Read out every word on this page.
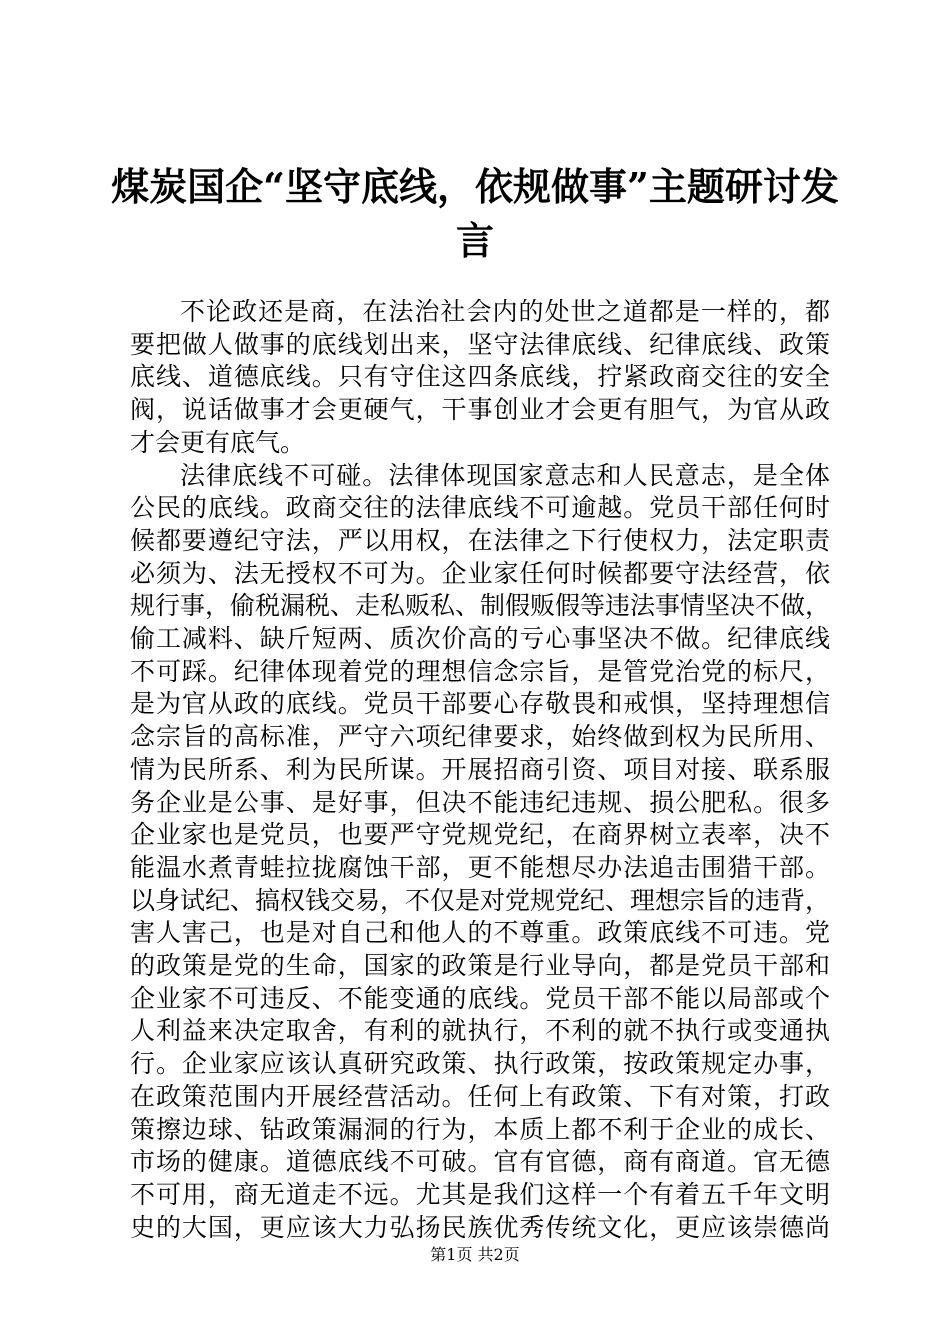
煤炭国企“坚守底线，依规做事”主题研讨发
言

不论政还是商，在法治社会内的处世之道都是一样的，都
要把做人做事的底线划出来，坚守法律底线、纪律底线、政策
底线、道德底线。只有守住这四条底线，拧紧政商交往的安全
阀，说话做事才会更硬气，干事创业才会更有胆气，为官从政
才会更有底气。

法律底线不可碰。法律体现国家意志和人民意志，是全体
公民的底线。政商交往的法律底线不可逾越。党员干部任何时
候都要遵纪守法，严以用权，在法律之下行使权力，法定职责
必须为、法无授权不可为。企业家任何时候都要守法经营，依
规行事，偷税漏税、走私贩私、制假贩假等违法事情坚决不做，
偷工减料、缺斤短两、质次价高的亏心事坚决不做。纪律底线
不可踩。纪律体现着党的理想信念宗旨，是管党治党的标尺，
是为官从政的底线。党员干部要心存敬畏和戒惧，坚持理想信
念宗旨的高标准，严守六项纪律要求，始终做到权为民所用、
情为民所系、利为民所谋。开展招商引资、项目对接、联系服
务企业是公事、是好事，但决不能违纪违规、损公肥私。很多
企业家也是党员，也要严守党规党纪，在商界树立表率，决不
能温水煮青蛙拉拢腐蚀干部，更不能想尽办法追击围猎干部。
以身试纪、搞权钱交易，不仅是对党规党纪、理想宗旨的违背，
害人害己，也是对自己和他人的不尊重。政策底线不可违。党
的政策是党的生命，国家的政策是行业导向，都是党员干部和
企业家不可违反、不能变通的底线。党员干部不能以局部或个
人利益来决定取舍，有利的就执行，不利的就不执行或变通执
行。企业家应该认真研究政策、执行政策，按政策规定办事，
在政策范围内开展经营活动。任何上有政策、下有对策，打政
策擦边球、钻政策漏洞的行为，本质上都不利于企业的成长、
市场的健康。道德底线不可破。官有官德，商有商道。官无德
不可用，商无道走不远。尤其是我们这样一个有着五千年文明
史的大国，更应该大力弘扬民族优秀传统文化，更应该崇德尚

第1页 共2页
